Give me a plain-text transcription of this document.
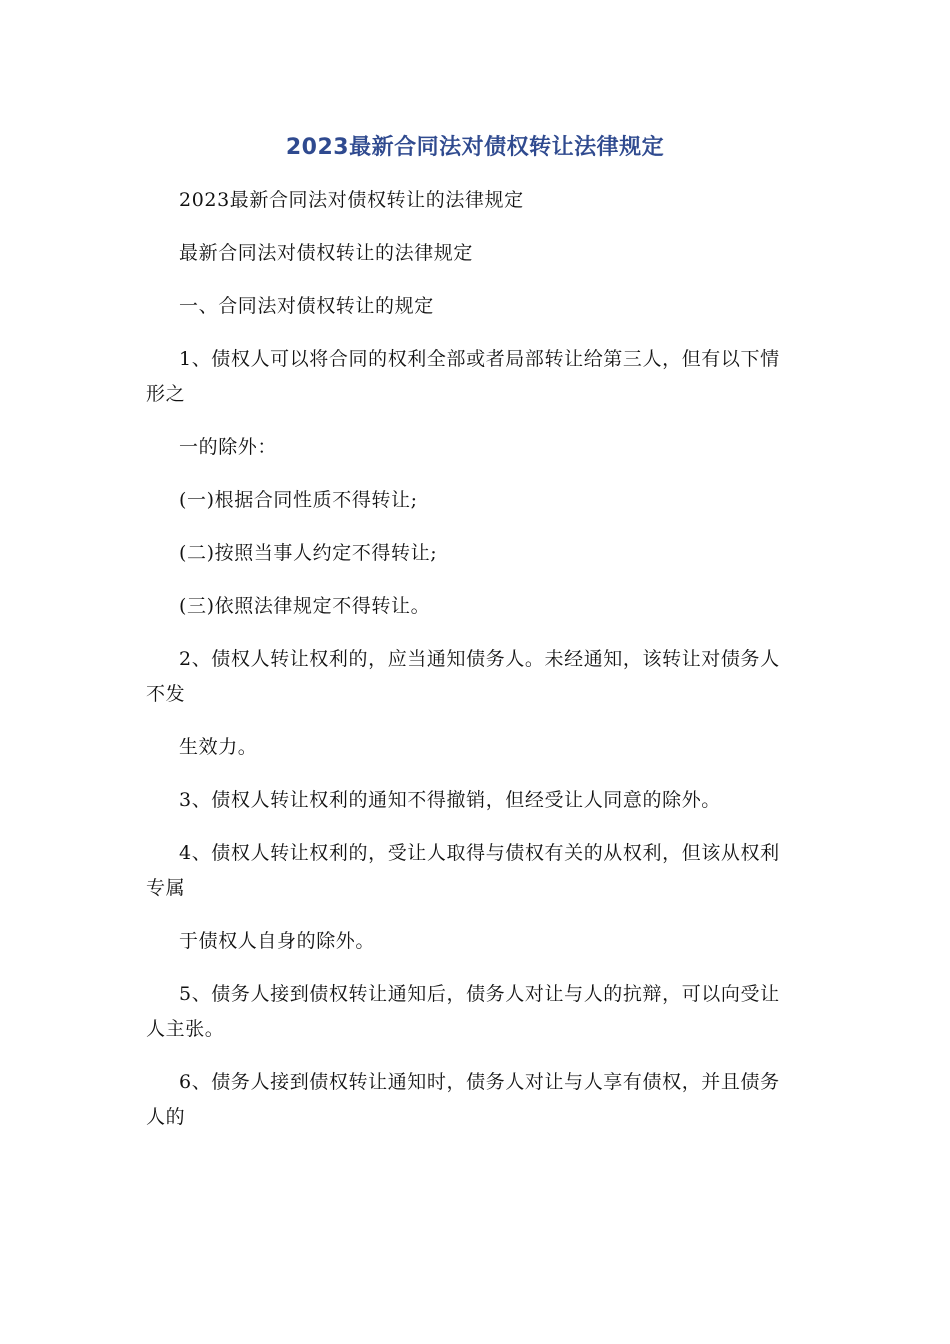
2023最新合同法对债权转让法律规定

2023最新合同法对债权转让的法律规定

最新合同法对债权转让的法律规定

一、合同法对债权转让的规定

1、债权人可以将合同的权利全部或者局部转让给第三人，但有以下情形之

一的除外：

(一)根据合同性质不得转让;

(二)按照当事人约定不得转让;

(三)依照法律规定不得转让。

2、债权人转让权利的，应当通知债务人。未经通知，该转让对债务人不发

生效力。

3、债权人转让权利的通知不得撤销，但经受让人同意的除外。

4、债权人转让权利的，受让人取得与债权有关的从权利，但该从权利专属

于债权人自身的除外。

5、债务人接到债权转让通知后，债务人对让与人的抗辩，可以向受让人主张。

6、债务人接到债权转让通知时，债务人对让与人享有债权，并且债务人的
